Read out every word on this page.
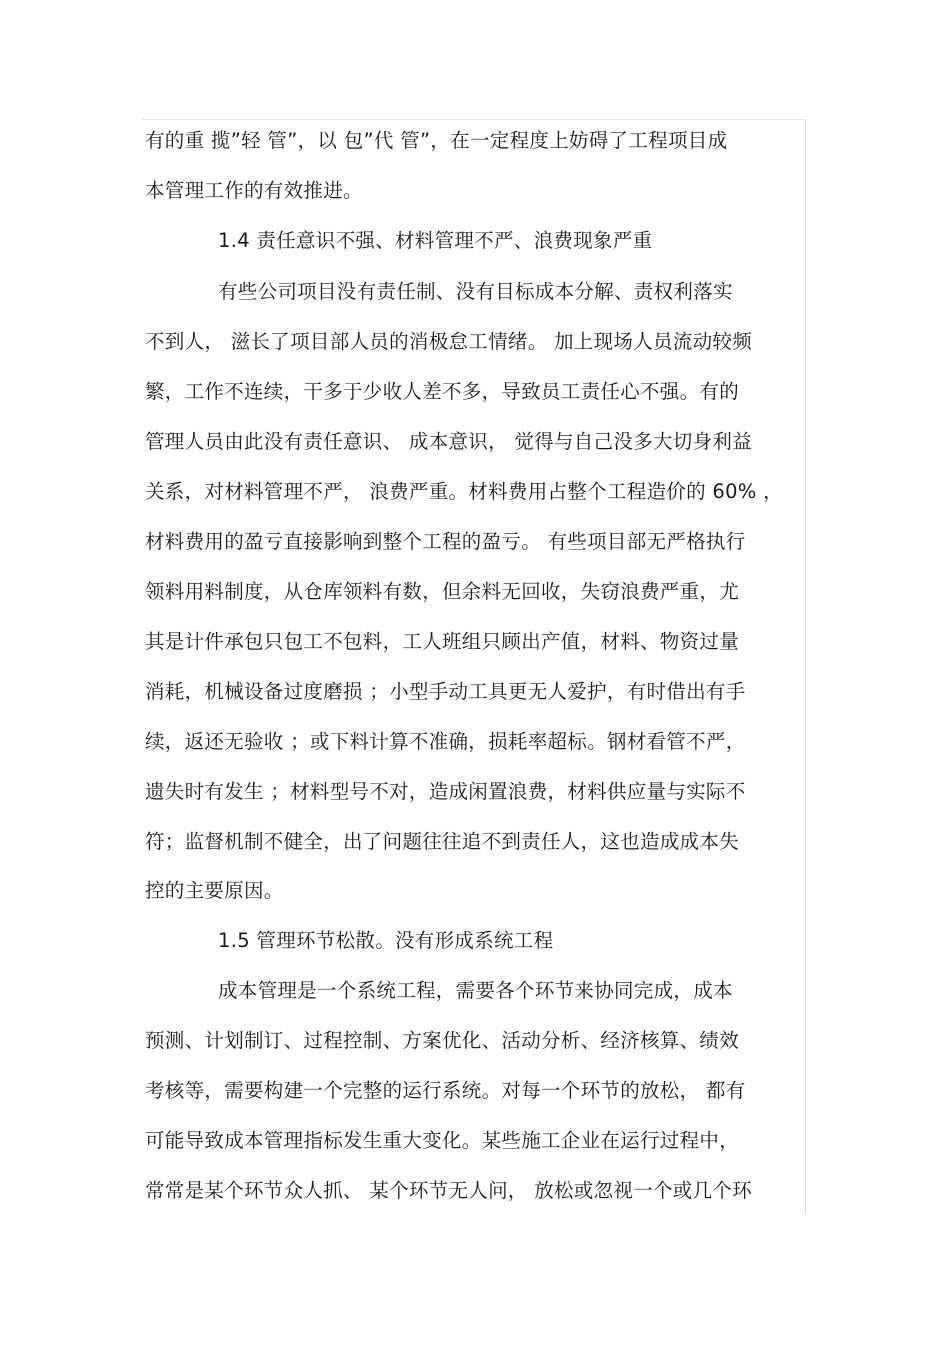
有的重 揽”轻 管”，以 包”代 管”，在一定程度上妨碍了工程项目成
本管理工作的有效推进。
1.4 责任意识不强、材料管理不严、浪费现象严重
有些公司项目没有责任制、没有目标成本分解、责权利落实
不到人， 滋长了项目部人员的消极怠工情绪。 加上现场人员流动较频
繁，工作不连续，干多于少收人差不多，导致员工责任心不强。有的
管理人员由此没有责任意识、 成本意识， 觉得与自己没多大切身利益
关系，对材料管理不严， 浪费严重。材料费用占整个工程造价的 60% ，
材料费用的盈亏直接影响到整个工程的盈亏。 有些项目部无严格执行
领料用料制度，从仓库领料有数，但余料无回收，失窃浪费严重，尤
其是计件承包只包工不包料，工人班组只顾出产值，材料、物资过量
消耗，机械设备过度磨损 ；小型手动工具更无人爱护，有时借出有手
续，返还无验收 ；或下料计算不准确，损耗率超标。钢材看管不严，
遗失时有发生 ；材料型号不对，造成闲置浪费，材料供应量与实际不
符；监督机制不健全，出了问题往往追不到责任人，这也造成成本失
控的主要原因。
1.5 管理环节松散。没有形成系统工程
成本管理是一个系统工程，需要各个环节来协同完成，成本
预测、计划制订、过程控制、方案优化、活动分析、经济核算、绩效
考核等，需要构建一个完整的运行系统。对每一个环节的放松， 都有
可能导致成本管理指标发生重大变化。某些施工企业在运行过程中，
常常是某个环节众人抓、 某个环节无人问， 放松或忽视一个或几个环
